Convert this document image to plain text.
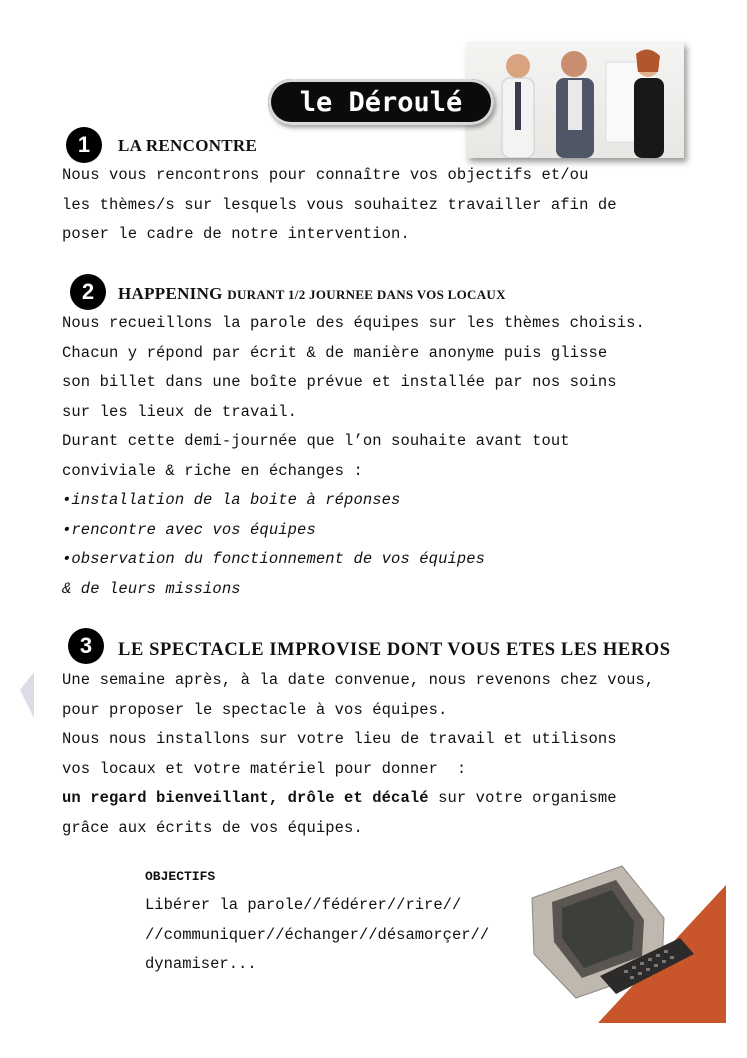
le Déroulé
1	LA RENCONTRE
Nous vous rencontrons pour connaître vos objectifs et/ou
les thèmes/s sur lesquels vous souhaitez travailler afin de
poser le cadre de notre intervention.
2	HAPPENING DURANT 1/2 JOURNEE DANS VOS LOCAUX
Nous recueillons la parole des équipes sur les thèmes choisis.
Chacun y répond par écrit & de manière anonyme puis glisse
son billet dans une boîte prévue et installée par nos soins
sur les lieux de travail.
Durant cette demi-journée que l’on souhaite avant tout
conviviale & riche en échanges :
•installation de la boite à réponses
•rencontre avec vos équipes
•observation du fonctionnement de vos équipes
& de leurs missions
3	LE SPECTACLE IMPROVISE DONT VOUS ETES LES HEROS
Une semaine après, à la date convenue, nous revenons chez vous,
pour proposer le spectacle à vos équipes.
Nous nous installons sur votre lieu de travail et utilisons
vos locaux et votre matériel pour donner  :
un regard bienveillant, drôle et décalé sur votre organisme
grâce aux écrits de vos équipes.
OBJECTIFS
Libérer la parole//fédérer//rire//
//communiquer//échanger//désamorçer//
dynamiser...
